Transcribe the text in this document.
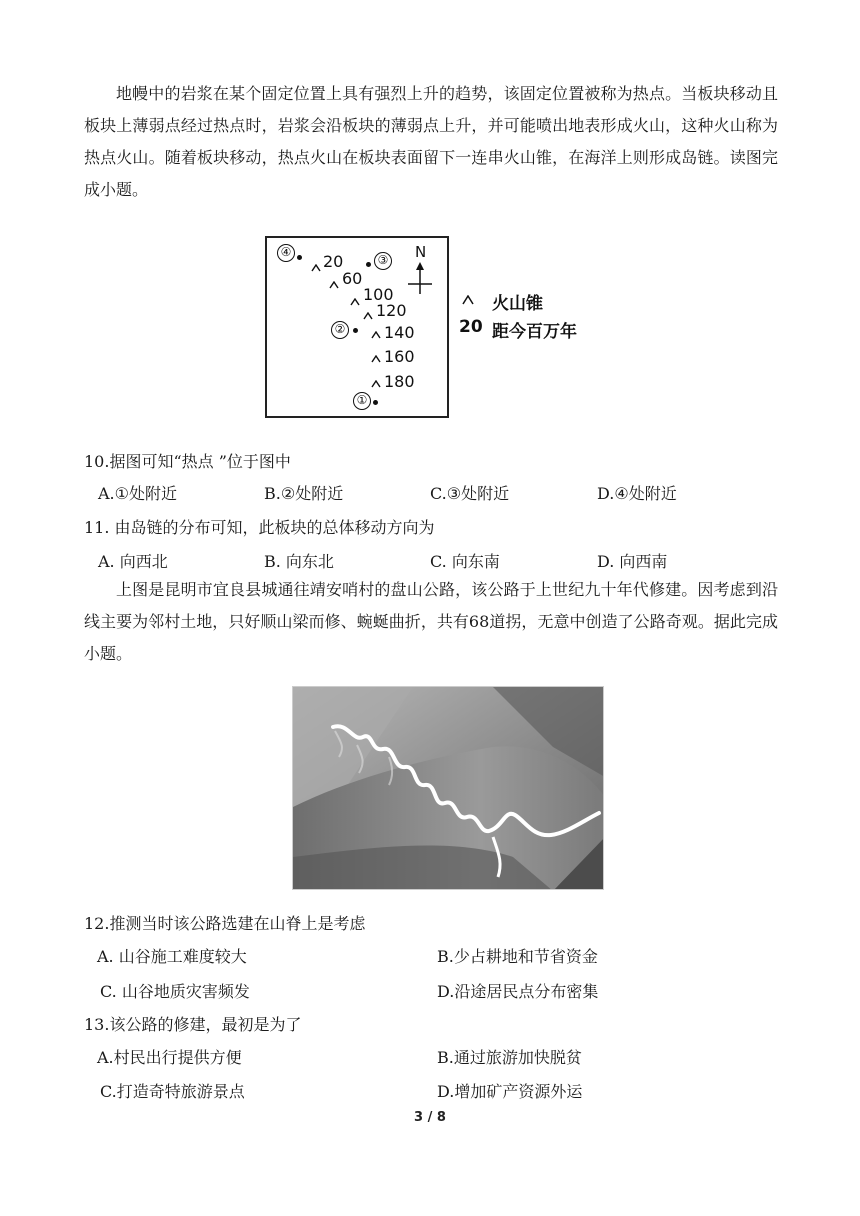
地幔中的岩浆在某个固定位置上具有强烈上升的趋势，该固定位置被称为热点。当板块移动且板块上薄弱点经过热点时，岩浆会沿板块的薄弱点上升，并可能喷出地表形成火山，这种火山称为热点火山。随着板块移动，热点火山在板块表面留下一连串火山锥，在海洋上则形成岛链。读图完成小题。

④ 20	③
60
100
120
② 140
160
180
①
N
火山锥
20 距今百万年

10.据图可知“热点 ”位于图中

A.①处附近	B.②处附近	C.③处附近	D.④处附近

11. 由岛链的分布可知，此板块的总体移动方向为

A. 向西北	B. 向东北	C. 向东南	D. 向西南

上图是昆明市宜良县城通往靖安哨村的盘山公路，该公路于上世纪九十年代修建。因考虑到沿线主要为邻村土地，只好顺山梁而修、蜿蜒曲折，共有68道拐，无意中创造了公路奇观。据此完成小题。

12.推测当时该公路选建在山脊上是考虑

A. 山谷施工难度较大	B.少占耕地和节省资金
C. 山谷地质灾害频发	D.沿途居民点分布密集

13.该公路的修建，最初是为了

A.村民出行提供方便	B.通过旅游加快脱贫
C.打造奇特旅游景点	D.增加矿产资源外运
3 / 8
